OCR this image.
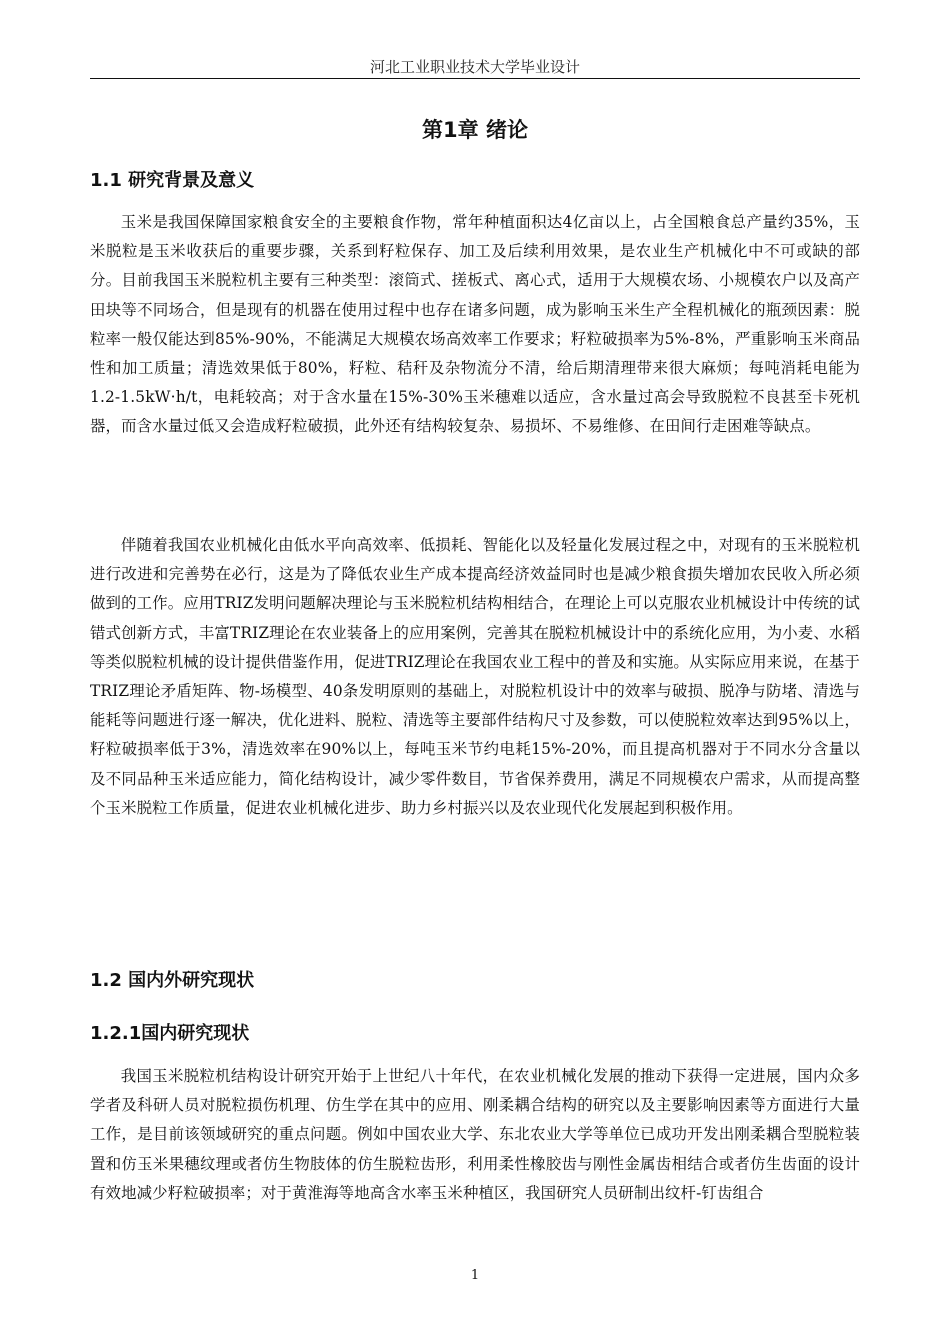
河北工业职业技术大学毕业设计
第1章 绪论
1.1 研究背景及意义

玉米是我国保障国家粮食安全的主要粮食作物，常年种植面积达4亿亩以上，占全国粮食总产量约35%，玉米脱粒是玉米收获后的重要步骤，关系到籽粒保存、加工及后续利用效果，是农业生产机械化中不可或缺的部分。目前我国玉米脱粒机主要有三种类型：滚筒式、搓板式、离心式，适用于大规模农场、小规模农户以及高产田块等不同场合，但是现有的机器在使用过程中也存在诸多问题，成为影响玉米生产全程机械化的瓶颈因素：脱粒率一般仅能达到85%-90%，不能满足大规模农场高效率工作要求；籽粒破损率为5%-8%，严重影响玉米商品性和加工质量；清选效果低于80%，籽粒、秸秆及杂物流分不清，给后期清理带来很大麻烦；每吨消耗电能为1.2-1.5kW·h/t，电耗较高；对于含水量在15%-30%玉米穗难以适应，含水量过高会导致脱粒不良甚至卡死机器，而含水量过低又会造成籽粒破损，此外还有结构较复杂、易损坏、不易维修、在田间行走困难等缺点。

伴随着我国农业机械化由低水平向高效率、低损耗、智能化以及轻量化发展过程之中，对现有的玉米脱粒机进行改进和完善势在必行，这是为了降低农业生产成本提高经济效益同时也是减少粮食损失增加农民收入所必须做到的工作。应用TRIZ发明问题解决理论与玉米脱粒机结构相结合，在理论上可以克服农业机械设计中传统的试错式创新方式，丰富TRIZ理论在农业装备上的应用案例，完善其在脱粒机械设计中的系统化应用，为小麦、水稻等类似脱粒机械的设计提供借鉴作用，促进TRIZ理论在我国农业工程中的普及和实施。从实际应用来说，在基于TRIZ理论矛盾矩阵、物-场模型、40条发明原则的基础上，对脱粒机设计中的效率与破损、脱净与防堵、清选与能耗等问题进行逐一解决，优化进料、脱粒、清选等主要部件结构尺寸及参数，可以使脱粒效率达到95%以上，籽粒破损率低于3%，清选效率在90%以上，每吨玉米节约电耗15%-20%，而且提高机器对于不同水分含量以及不同品种玉米适应能力，简化结构设计，减少零件数目，节省保养费用，满足不同规模农户需求，从而提高整个玉米脱粒工作质量，促进农业机械化进步、助力乡村振兴以及农业现代化发展起到积极作用。

1.2 国内外研究现状
1.2.1国内研究现状

我国玉米脱粒机结构设计研究开始于上世纪八十年代，在农业机械化发展的推动下获得一定进展，国内众多学者及科研人员对脱粒损伤机理、仿生学在其中的应用、刚柔耦合结构的研究以及主要影响因素等方面进行大量工作，是目前该领域研究的重点问题。例如中国农业大学、东北农业大学等单位已成功开发出刚柔耦合型脱粒装置和仿玉米果穗纹理或者仿生物肢体的仿生脱粒齿形，利用柔性橡胶齿与刚性金属齿相结合或者仿生齿面的设计有效地减少籽粒破损率；对于黄淮海等地高含水率玉米种植区，我国研究人员研制出纹杆-钉齿组合

1
